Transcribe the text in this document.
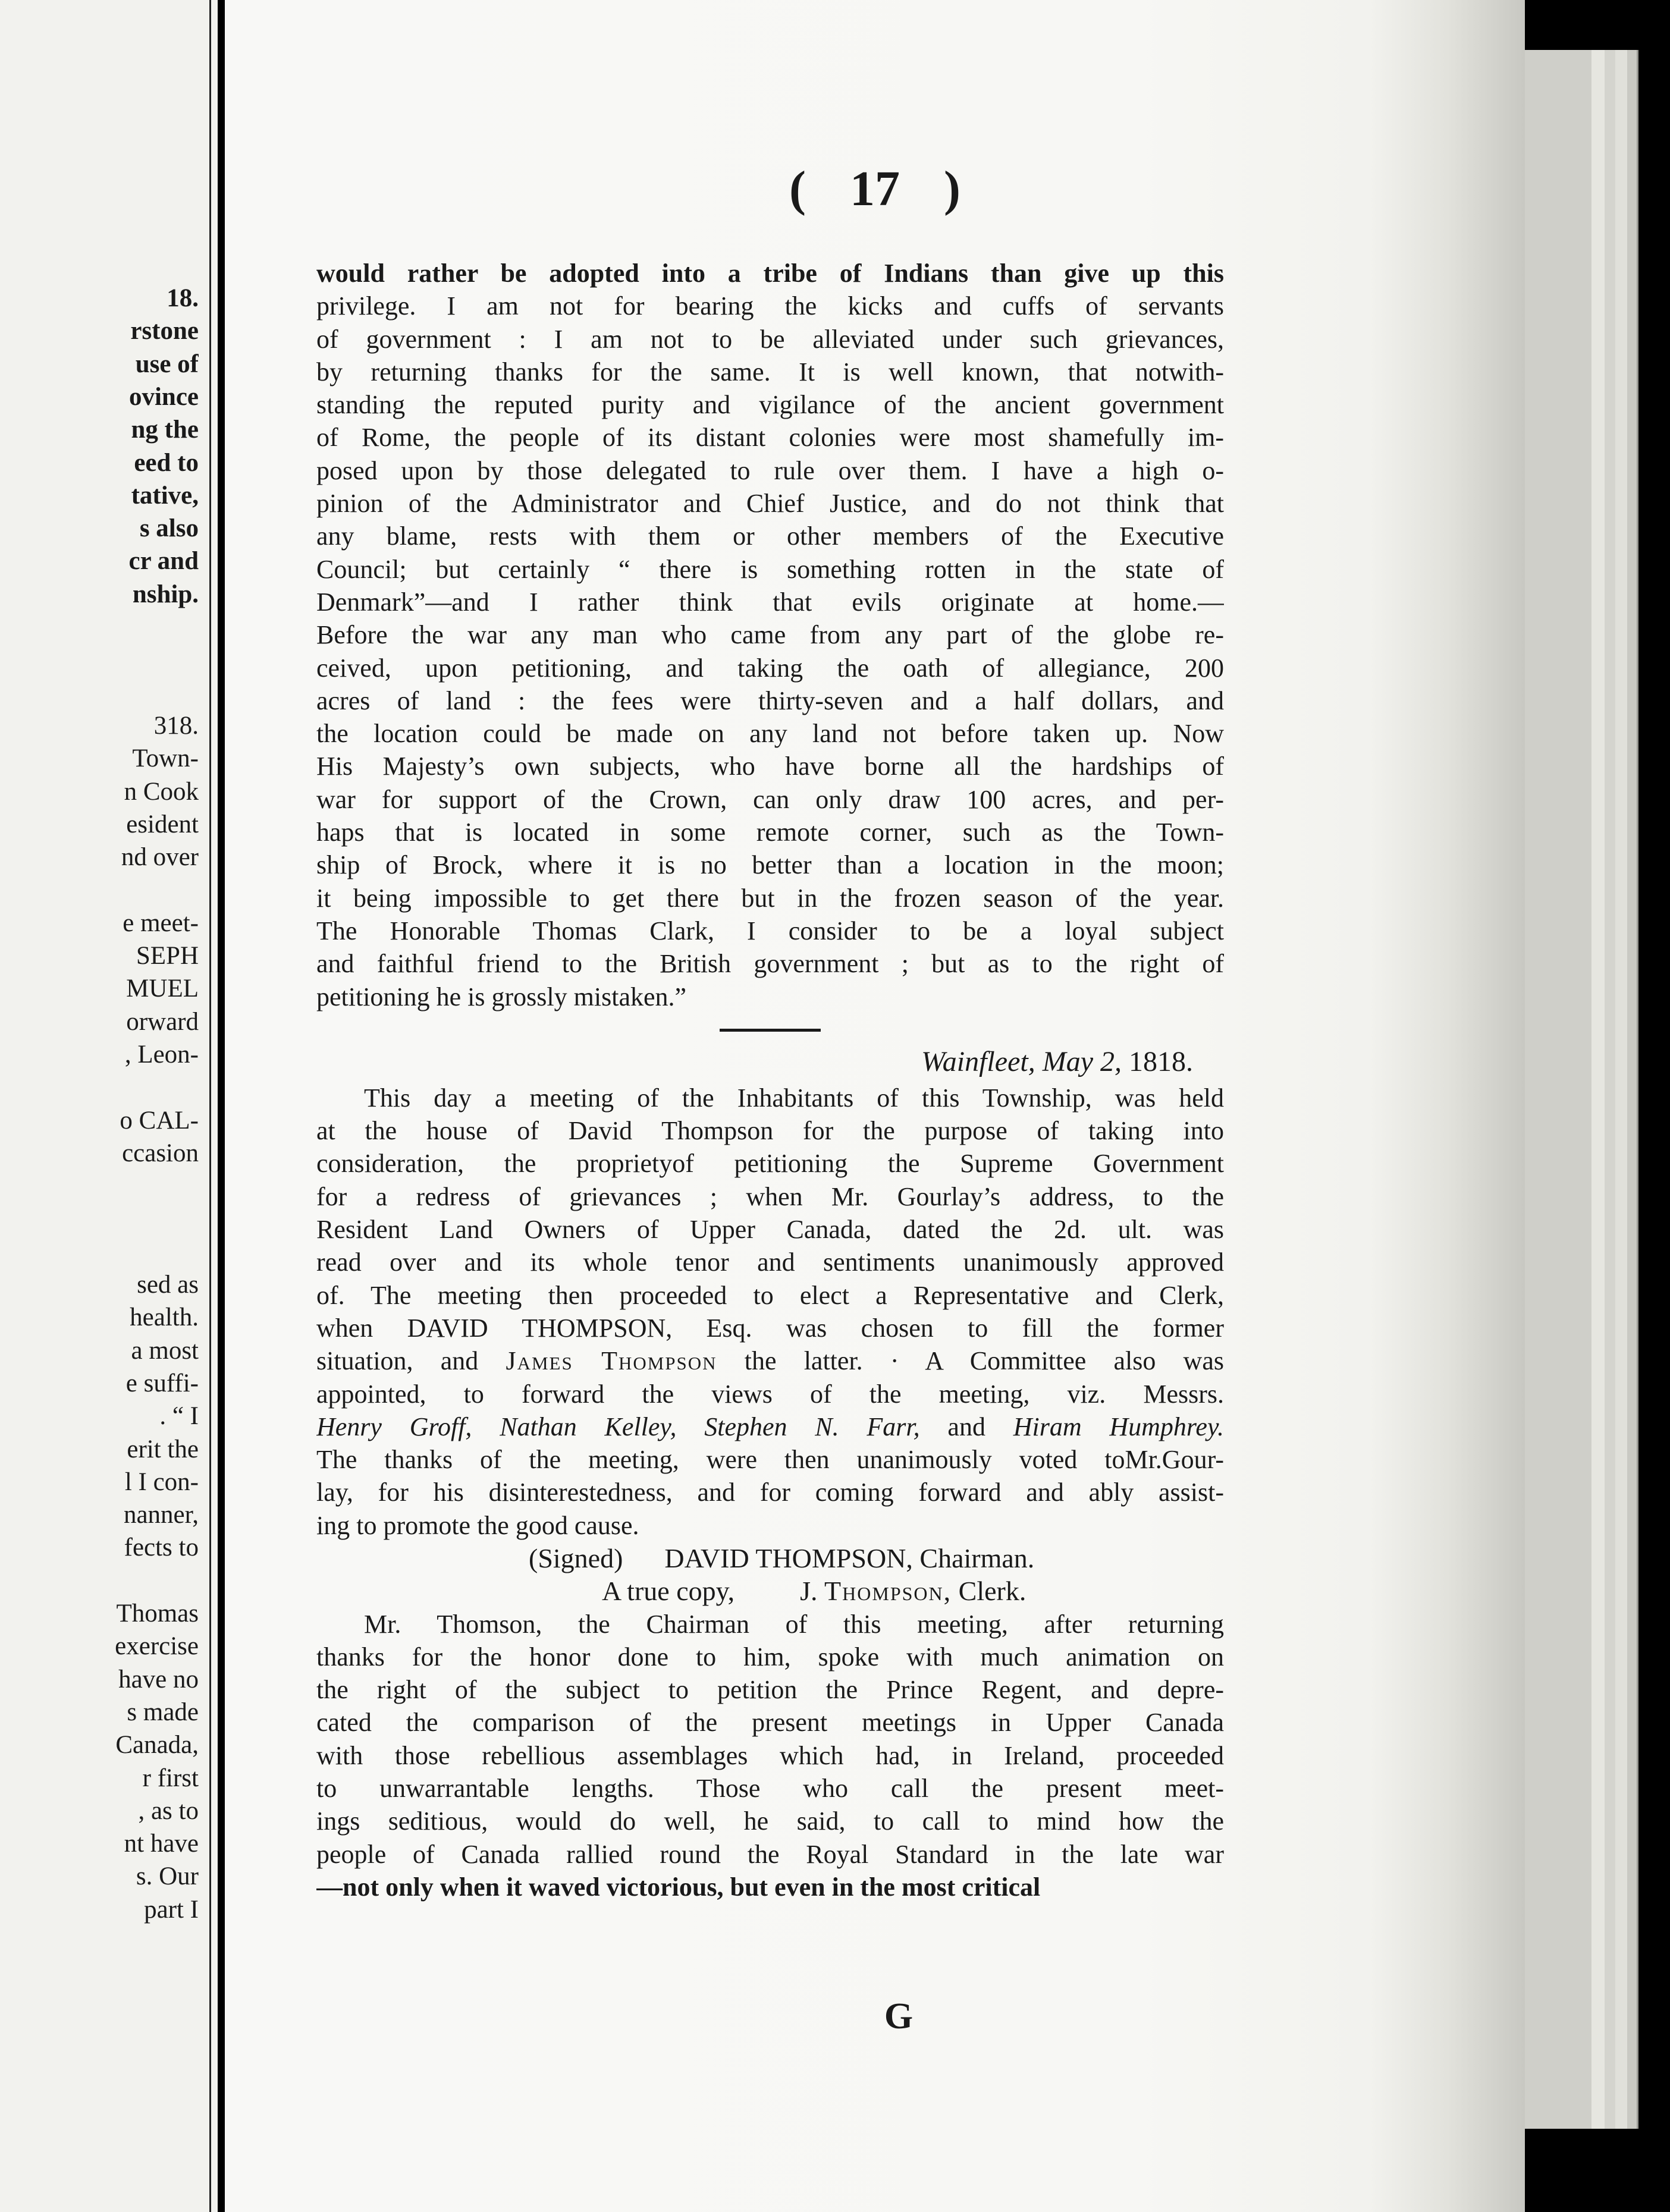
18.
rstone
use of
ovince
ng the
eed to
tative,
s also
cr and
nship.
318.
Town-
n Cook
esident
nd over
e meet-
SEPH
MUEL
orward
, Leon-
o CAL-
ccasion
sed as
health.
a most
e suffi-
. “ I
erit the
l I con-
nanner,
fects to
Thomas
exercise
have no
s made
Canada,
r first
, as to
nt have
s. Our
part I
( 17 )
would rather be adopted into a tribe of Indians than give up this
privilege. I am not for bearing the kicks and cuffs of servants
of government : I am not to be alleviated under such grievances,
by returning thanks for the same. It is well known, that notwith-
standing the reputed purity and vigilance of the ancient government
of Rome, the people of its distant colonies were most shamefully im-
posed upon by those delegated to rule over them. I have a high o-
pinion of the Administrator and Chief Justice, and do not think that
any blame, rests with them or other members of the Executive
Council; but certainly “ there is something rotten in the state of
Denmark”—and I rather think that evils originate at home.—
Before the war any man who came from any part of the globe re-
ceived, upon petitioning, and taking the oath of allegiance, 200
acres of land : the fees were thirty-seven and a half dollars, and
the location could be made on any land not before taken up. Now
His Majesty’s own subjects, who have borne all the hardships of
war for support of the Crown, can only draw 100 acres, and per-
haps that is located in some remote corner, such as the Town-
ship of Brock, where it is no better than a location in the moon;
it being impossible to get there but in the frozen season of the year.
The Honorable Thomas Clark, I consider to be a loyal subject
and faithful friend to the British government ; but as to the right of
petitioning he is grossly mistaken.”
Wainfleet, May 2, 1818.
This day a meeting of the Inhabitants of this Township, was held
at the house of David Thompson for the purpose of taking into
consideration, the proprietyof petitioning the Supreme Government
for a redress of grievances ; when Mr. Gourlay’s address, to the
Resident Land Owners of Upper Canada, dated the 2d. ult. was
read over and its whole tenor and sentiments unanimously approved
of. The meeting then proceeded to elect a Representative and Clerk,
when DAVID THOMPSON, Esq. was chosen to fill the former
situation, and James Thompson the latter. · A Committee also was
appointed, to forward the views of the meeting, viz. Messrs.
Henry Groff, Nathan Kelley, Stephen N. Farr, and Hiram Humphrey.
The thanks of the meeting, were then unanimously voted toMr.Gour-
lay, for his disinterestedness, and for coming forward and ably assist-
ing to promote the good cause.
(Signed) DAVID THOMPSON, Chairman.
A true copy, J. Thompson, Clerk.
Mr. Thomson, the Chairman of this meeting, after returning
thanks for the honor done to him, spoke with much animation on
the right of the subject to petition the Prince Regent, and depre-
cated the comparison of the present meetings in Upper Canada
with those rebellious assemblages which had, in Ireland, proceeded
to unwarrantable lengths. Those who call the present meet-
ings seditious, would do well, he said, to call to mind how the
people of Canada rallied round the Royal Standard in the late war
—not only when it waved victorious, but even in the most critical
G
